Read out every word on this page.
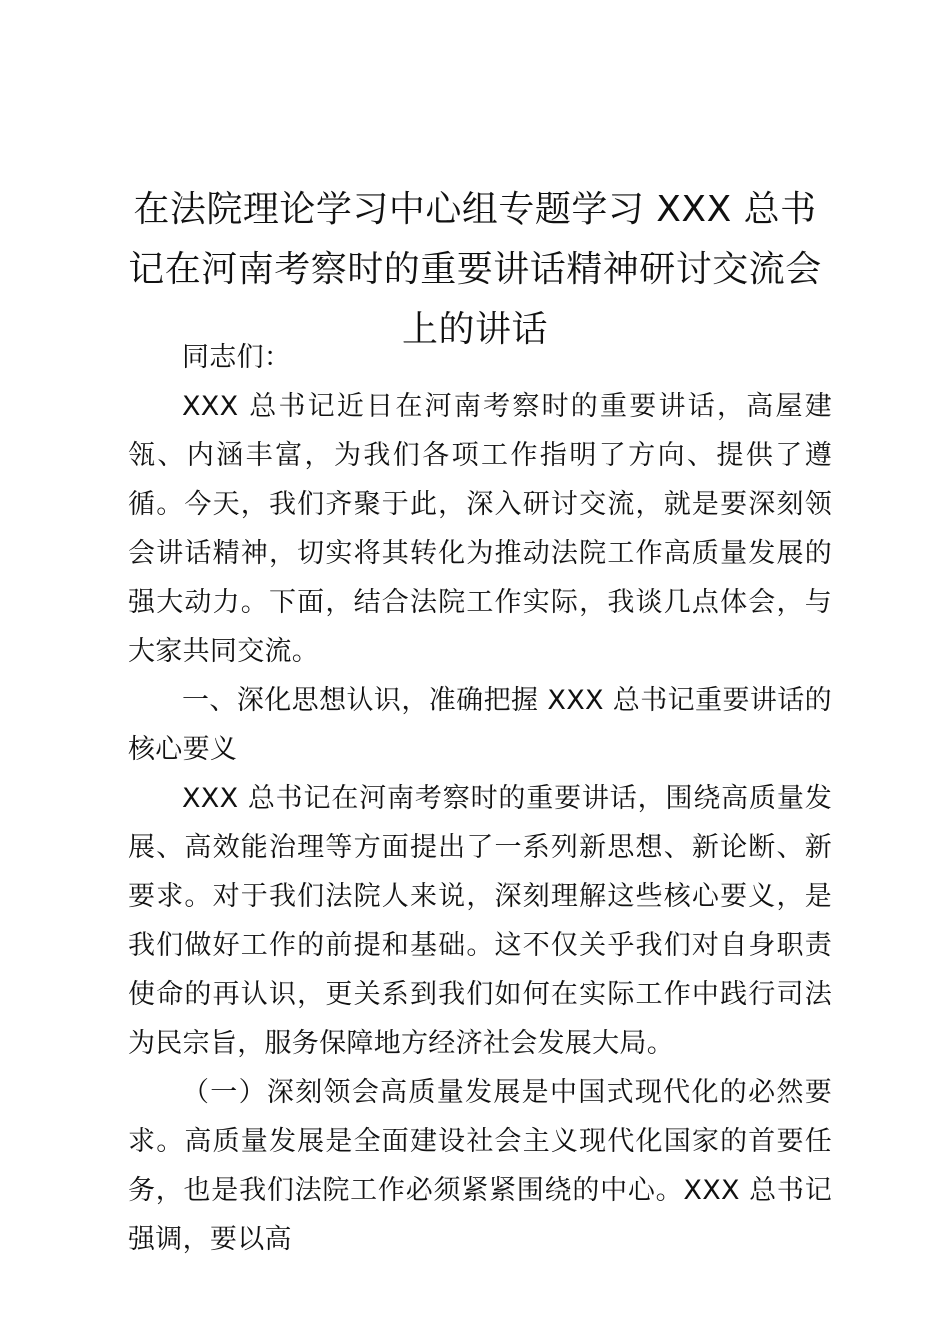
在法院理论学习中心组专题学习 XXX 总书记在河南考察时的重要讲话精神研讨交流会上的讲话

同志们：

XXX 总书记近日在河南考察时的重要讲话，高屋建瓴、内涵丰富，为我们各项工作指明了方向、提供了遵循。今天，我们齐聚于此，深入研讨交流，就是要深刻领会讲话精神，切实将其转化为推动法院工作高质量发展的强大动力。下面，结合法院工作实际，我谈几点体会，与大家共同交流。

一、深化思想认识，准确把握 XXX 总书记重要讲话的核心要义

XXX 总书记在河南考察时的重要讲话，围绕高质量发展、高效能治理等方面提出了一系列新思想、新论断、新要求。对于我们法院人来说，深刻理解这些核心要义，是我们做好工作的前提和基础。这不仅关乎我们对自身职责使命的再认识，更关系到我们如何在实际工作中践行司法为民宗旨，服务保障地方经济社会发展大局。

（一）深刻领会高质量发展是中国式现代化的必然要求。高质量发展是全面建设社会主义现代化国家的首要任务，也是我们法院工作必须紧紧围绕的中心。XXX 总书记强调，要以高
